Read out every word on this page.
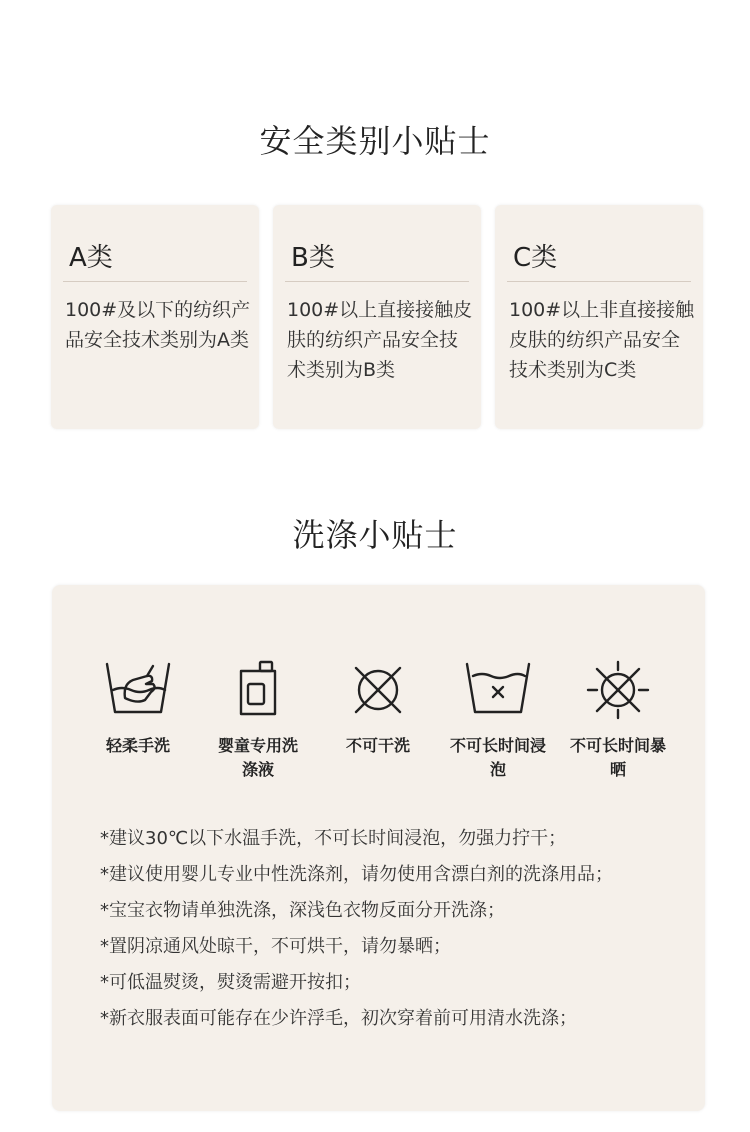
安全类别小贴士
A类
100#及以下的纺织产品安全技术类别为A类
B类
100#以上直接接触皮肤的纺织产品安全技术类别为B类
C类
100#以上非直接接触皮肤的纺织产品安全技术类别为C类
洗涤小贴士
轻柔手洗	婴童专用洗涤液
不可干洗	不可长时间浸泡
不可长时间暴晒
*建议30℃以下水温手洗，不可长时间浸泡，勿强力拧干；
*建议使用婴儿专业中性洗涤剂，请勿使用含漂白剂的洗涤用品；
*宝宝衣物请单独洗涤，深浅色衣物反面分开洗涤；
*置阴凉通风处晾干，不可烘干，请勿暴晒；
*可低温熨烫，熨烫需避开按扣；
*新衣服表面可能存在少许浮毛，初次穿着前可用清水洗涤；
